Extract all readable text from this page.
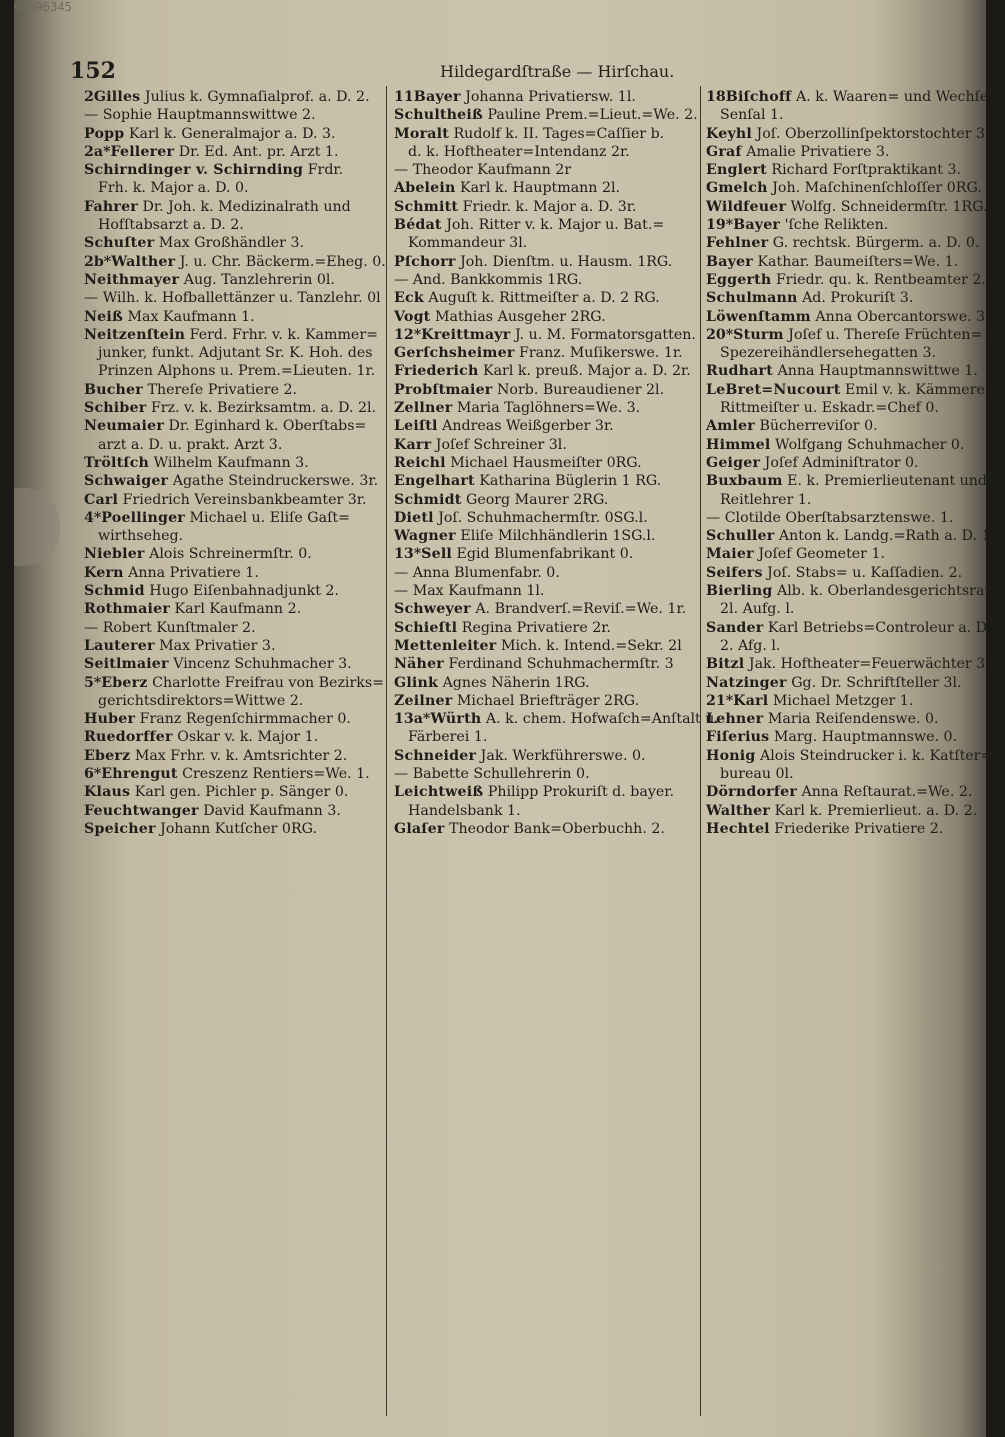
00096345
152	Hildegardſtraße — Hirſchau.
2Gilles Julius k. Gymnaſialprof. a. D. 2.
— Sophie Hauptmannswittwe 2.
Popp Karl k. Generalmajor a. D. 3.
2a*Fellerer Dr. Ed. Ant. pr. Arzt 1.
Schirndinger v. Schirnding Frdr.
Frh. k. Major a. D. 0.
Fahrer Dr. Joh. k. Medizinalrath und
Hofſtabsarzt a. D. 2.
Schuſter Max Großhändler 3.
2b*Walther J. u. Chr. Bäckerm.=Eheg. 0.
Neithmayer Aug. Tanzlehrerin 0l.
— Wilh. k. Hofballettänzer u. Tanzlehr. 0l
Neiß Max Kaufmann 1.
Neitzenſtein Ferd. Frhr. v. k. Kammer=
junker, funkt. Adjutant Sr. K. Hoh. des
Prinzen Alphons u. Prem.=Lieuten. 1r.
Bucher Thereſe Privatiere 2.
Schiber Frz. v. k. Bezirksamtm. a. D. 2l.
Neumaier Dr. Eginhard k. Oberſtabs=
arzt a. D. u. prakt. Arzt 3.
Tröltſch Wilhelm Kaufmann 3.
Schwaiger Agathe Steindruckerswe. 3r.
Carl Friedrich Vereinsbankbeamter 3r.
4*Poellinger Michael u. Eliſe Gaſt=
wirthseheg.
Niebler Alois Schreinermſtr. 0.
Kern Anna Privatiere 1.
Schmid Hugo Eiſenbahnadjunkt 2.
Rothmaier Karl Kaufmann 2.
— Robert Kunſtmaler 2.
Lauterer Max Privatier 3.
Seitlmaier Vincenz Schuhmacher 3.
5*Eberz Charlotte Freifrau von Bezirks=
gerichtsdirektors=Wittwe 2.
Huber Franz Regenſchirmmacher 0.
Ruedorffer Oskar v. k. Major 1.
Eberz Max Frhr. v. k. Amtsrichter 2.
6*Ehrengut Creszenz Rentiers=We. 1.
Klaus Karl gen. Pichler p. Sänger 0.
Feuchtwanger David Kaufmann 3.
Speicher Johann Kutſcher 0RG.
11Bayer Johanna Privatiersw. 1l.
Schultheiß Pauline Prem.=Lieut.=We. 2.
Moralt Rudolf k. II. Tages=Caſſier b.
d. k. Hoftheater=Intendanz 2r.
— Theodor Kaufmann 2r
Abelein Karl k. Hauptmann 2l.
Schmitt Friedr. k. Major a. D. 3r.
Bédat Joh. Ritter v. k. Major u. Bat.=
Kommandeur 3l.
Pſchorr Joh. Dienſtm. u. Hausm. 1RG.
— And. Bankkommis 1RG.
Eck Auguſt k. Rittmeiſter a. D. 2 RG.
Vogt Mathias Ausgeher 2RG.
12*Kreittmayr J. u. M. Formatorsgatten.
Gerſchsheimer Franz. Muſikerswe. 1r.
Friederich Karl k. preuß. Major a. D. 2r.
Probſtmaier Norb. Bureaudiener 2l.
Zellner Maria Taglöhners=We. 3.
Leiſtl Andreas Weißgerber 3r.
Karr Joſef Schreiner 3l.
Reichl Michael Hausmeiſter 0RG.
Engelhart Katharina Büglerin 1 RG.
Schmidt Georg Maurer 2RG.
Dietl Joſ. Schuhmachermſtr. 0SG.l.
Wagner Eliſe Milchhändlerin 1SG.l.
13*Sell Egid Blumenfabrikant 0.
— Anna Blumenfabr. 0.
— Max Kaufmann 1l.
Schweyer A. Brandverſ.=Reviſ.=We. 1r.
Schieſtl Regina Privatiere 2r.
Mettenleiter Mich. k. Intend.=Sekr. 2l
Näher Ferdinand Schuhmachermſtr. 3
Glink Agnes Näherin 1RG.
Zeilner Michael Briefträger 2RG.
13a*Würth A. k. chem. Hofwaſch=Anſtalt u.
Färberei 1.
Schneider Jak. Werkführerswe. 0.
— Babette Schullehrerin 0.
Leichtweiß Philipp Prokuriſt d. bayer.
Handelsbank 1.
Glaſer Theodor Bank=Oberbuchh. 2.
18Biſchoff A. k. Waaren= und Wechſel=
Senſal 1.
Keyhl Joſ. Oberzollinſpektorstochter 3.
Graf Amalie Privatiere 3.
Englert Richard Forſtpraktikant 3.
Gmelch Joh. Maſchinenſchloſſer 0RG.
Wildfeuer Wolfg. Schneidermſtr. 1RG.
19*Bayer 'ſche Relikten.
Fehlner G. rechtsk. Bürgerm. a. D. 0.
Bayer Kathar. Baumeiſters=We. 1.
Eggerth Friedr. qu. k. Rentbeamter 2.
Schulmann Ad. Prokuriſt 3.
Löwenſtamm Anna Obercantorswe. 3.
20*Sturm Joſef u. Thereſe Früchten= u.
Spezereihändlersehegatten 3.
Rudhart Anna Hauptmannswittwe 1.
LeBret=Nucourt Emil v. k. Kämmerer,
Rittmeiſter u. Eskadr.=Chef 0.
Amler Bücherreviſor 0.
Himmel Wolfgang Schuhmacher 0.
Geiger Joſef Adminiſtrator 0.
Buxbaum E. k. Premierlieutenant und
Reitlehrer 1.
— Clotilde Oberſtabsarztenswe. 1.
Schuller Anton k. Landg.=Rath a. D. 1.
Maier Joſef Geometer 1.
Seifers Joſ. Stabs= u. Kaſſadien. 2.
Bierling Alb. k. Oberlandesgerichtsrath
2l. Aufg. l.
Sander Karl Betriebs=Controleur a. D.
2. Afg. l.
Bitzl Jak. Hoftheater=Feuerwächter 3r.
Natzinger Gg. Dr. Schriftſteller 3l.
21*Karl Michael Metzger 1.
Lehner Maria Reiſendenswe. 0.
Fiſerius Marg. Hauptmannswe. 0.
Honig Alois Steindrucker i. k. Katſter=
bureau 0l.
Dörndorfer Anna Reſtaurat.=We. 2.
Walther Karl k. Premierlieut. a. D. 2.
Hechtel Friederike Privatiere 2.
